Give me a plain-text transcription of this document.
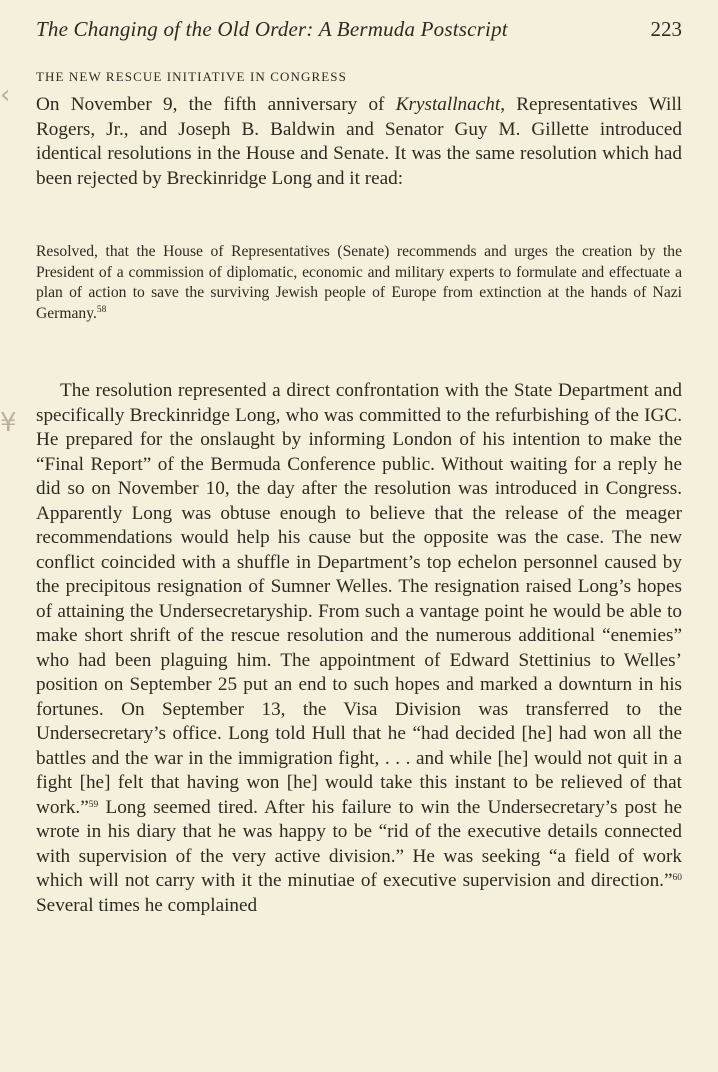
‹
¥
The Changing of the Old Order: A Bermuda Postscript	223
THE NEW RESCUE INITIATIVE IN CONGRESS

On November 9, the fifth anniversary of Krystallnacht, Representatives Will Rogers, Jr., and Joseph B. Baldwin and Senator Guy M. Gillette introduced identical resolutions in the House and Senate. It was the same resolution which had been rejected by Breckinridge Long and it read:

Resolved, that the House of Representatives (Senate) recommends and urges the creation by the President of a commission of diplomatic, economic and military experts to formulate and effectuate a plan of action to save the surviving Jewish people of Europe from extinction at the hands of Nazi Germany.$^{58}$

The resolution represented a direct confrontation with the State Department and specifically Breckinridge Long, who was committed to the refurbishing of the IGC. He prepared for the onslaught by informing London of his intention to make the “Final Report” of the Bermuda Conference public. Without waiting for a reply he did so on November 10, the day after the resolution was introduced in Congress. Apparently Long was obtuse enough to believe that the release of the meager recommendations would help his cause but the opposite was the case. The new conflict coincided with a shuffle in Department’s top echelon personnel caused by the precipitous resignation of Sumner Welles. The resignation raised Long’s hopes of attaining the Undersecretaryship. From such a vantage point he would be able to make short shrift of the rescue resolution and the numerous additional “enemies” who had been plaguing him. The appointment of Edward Stettinius to Welles’ position on September 25 put an end to such hopes and marked a downturn in his fortunes. On September 13, the Visa Division was transferred to the Undersecretary’s office. Long told Hull that he “had decided [he] had won all the battles and the war in the immigration fight, . . . and while [he] would not quit in a fight [he] felt that having won [he] would take this instant to be relieved of that work.”$^{59}$ Long seemed tired. After his failure to win the Undersecretary’s post he wrote in his diary that he was happy to be “rid of the executive details connected with supervision of the very active division.” He was seeking “a field of work which will not carry with it the minutiae of executive supervision and direction.”$^{60}$ Several times he complained
